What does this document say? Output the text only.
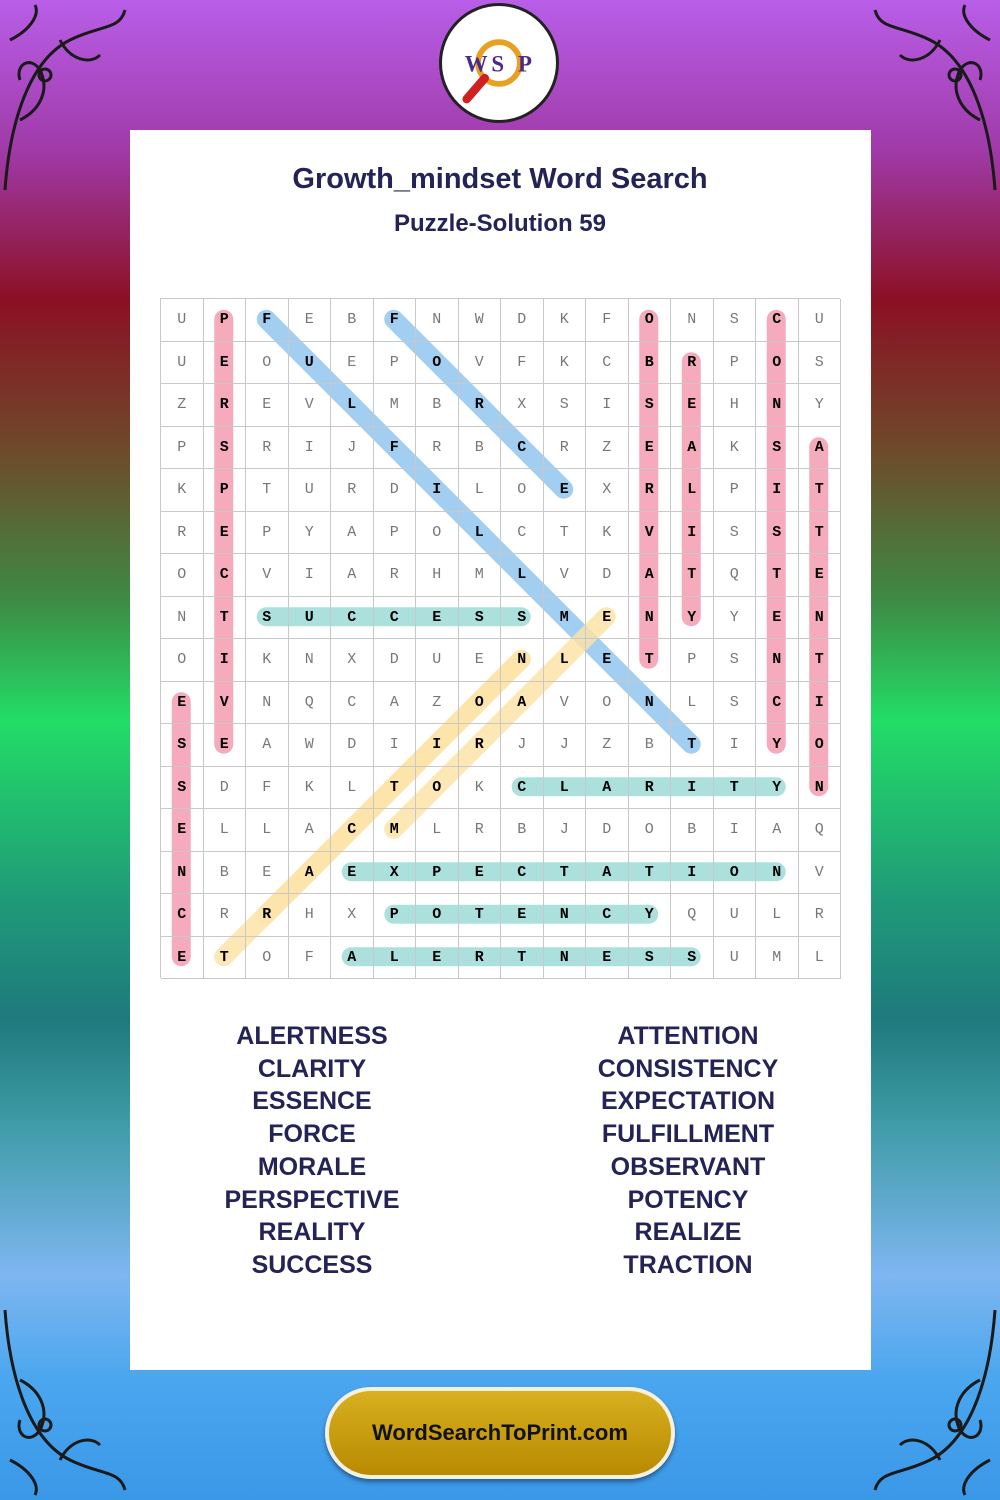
W S P
Growth_mindset Word Search
Puzzle-Solution 59
U	P	F	E	B	F	N	W	D	K	F	O	N	S	C	U
U	E	O	U	E	P	O	V	F	K	C	B	R	P	O	S
Z	R	E	V	L	M	B	R	X	S	I	S	E	H	N	Y
P	S	R	I	J	F	R	B	C	R	Z	E	A	K	S	A
K	P	T	U	R	D	I	L	O	E	X	R	L	P	I	T
R	E	P	Y	A	P	O	L	C	T	K	V	I	S	S	T
O	C	V	I	A	R	H	M	L	V	D	A	T	Q	T	E
N	T	S	U	C	C	E	S	S	M	E	N	Y	Y	E	N
O	I	K	N	X	D	U	E	N	L	E	T	P	S	N	T
E	V	N	Q	C	A	Z	O	A	V	O	N	L	S	C	I
S	E	A	W	D	I	I	R	J	J	Z	B	T	I	Y	O
S	D	F	K	L	T	O	K	C	L	A	R	I	T	Y	N
E	L	L	A	C	M	L	R	B	J	D	O	B	I	A	Q
N	B	E	A	E	X	P	E	C	T	A	T	I	O	N	V
C	R	R	H	X	P	O	T	E	N	C	Y	Q	U	L	R
E	T	O	F	A	L	E	R	T	N	E	S	S	U	M	L
ALERTNESS
CLARITY
ESSENCE
FORCE
MORALE
PERSPECTIVE
REALITY
SUCCESS
ATTENTION
CONSISTENCY
EXPECTATION
FULFILLMENT
OBSERVANT
POTENCY
REALIZE
TRACTION
WordSearchToPrint.com
